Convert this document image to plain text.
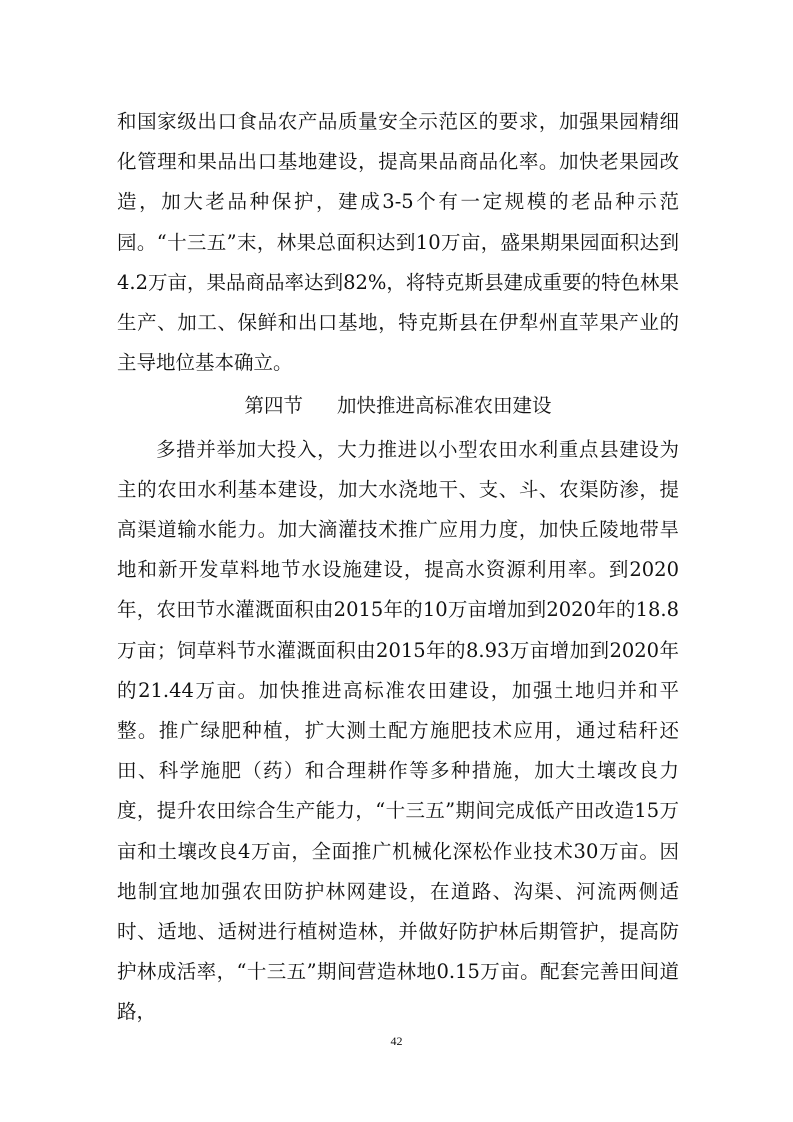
和国家级出口食品农产品质量安全示范区的要求，加强果园精细化管理和果品出口基地建设，提高果品商品化率。加快老果园改造，加大老品种保护，建成3-5个有一定规模的老品种示范园。“十三五”末，林果总面积达到10万亩，盛果期果园面积达到4.2万亩，果品商品率达到82%，将特克斯县建成重要的特色林果生产、加工、保鲜和出口基地，特克斯县在伊犁州直苹果产业的主导地位基本确立。

第四节 加快推进高标准农田建设

多措并举加大投入，大力推进以小型农田水利重点县建设为主的农田水利基本建设，加大水浇地干、支、斗、农渠防渗，提高渠道输水能力。加大滴灌技术推广应用力度，加快丘陵地带旱地和新开发草料地节水设施建设，提高水资源利用率。到2020年，农田节水灌溉面积由2015年的10万亩增加到2020年的18.8万亩；饲草料节水灌溉面积由2015年的8.93万亩增加到2020年的21.44万亩。加快推进高标准农田建设，加强土地归并和平整。推广绿肥种植，扩大测土配方施肥技术应用，通过秸秆还田、科学施肥（药）和合理耕作等多种措施，加大土壤改良力度，提升农田综合生产能力，“十三五”期间完成低产田改造15万亩和土壤改良4万亩，全面推广机械化深松作业技术30万亩。因地制宜地加强农田防护林网建设，在道路、沟渠、河流两侧适时、适地、适树进行植树造林，并做好防护林后期管护，提高防护林成活率，“十三五”期间营造林地0.15万亩。配套完善田间道路，

42
